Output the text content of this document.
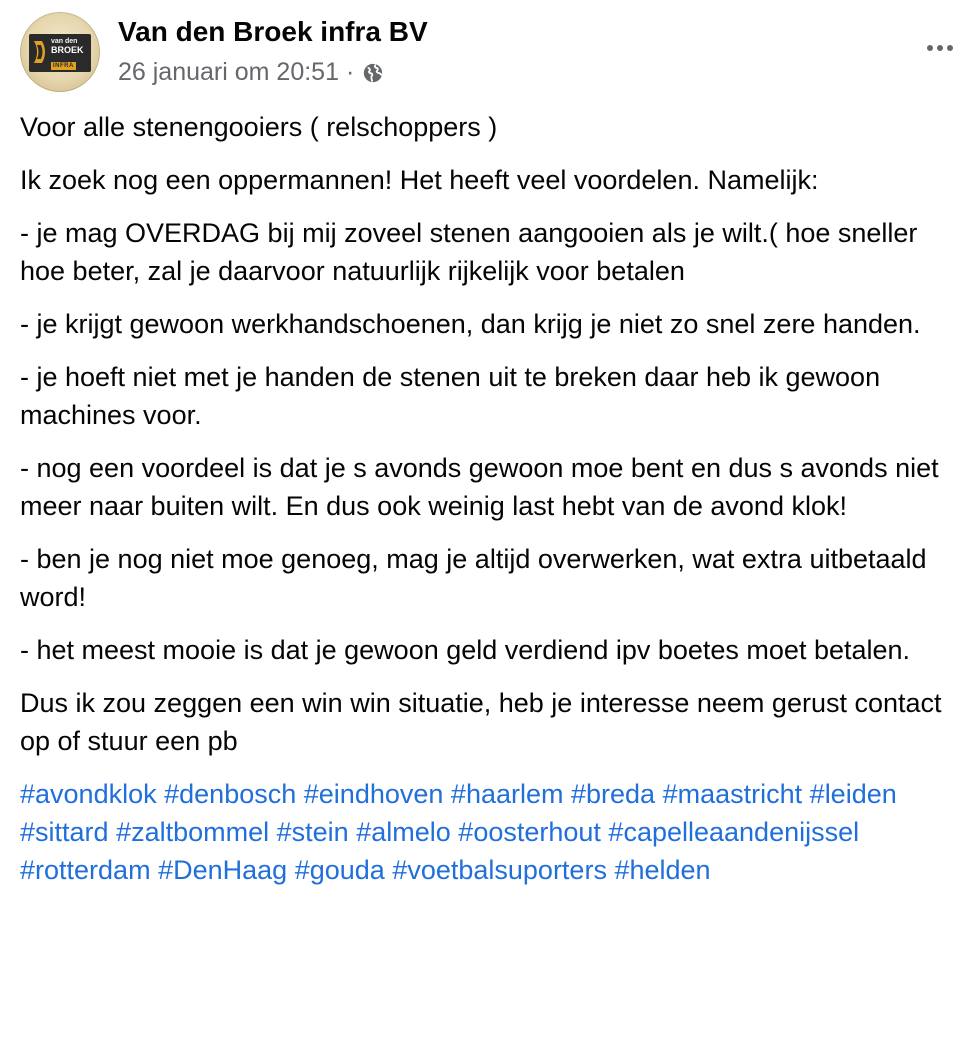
van den
BROEK
INFRA
Van den Broek infra BV
26 januari om 20:51 ·

Voor alle stenengooiers ( relschoppers )

Ik zoek nog een oppermannen! Het heeft veel voordelen. Namelijk:

- je mag OVERDAG bij mij zoveel stenen aangooien als je wilt.( hoe sneller hoe beter, zal je daarvoor natuurlijk rijkelijk voor betalen

- je krijgt gewoon werkhandschoenen, dan krijg je niet zo snel zere handen.

- je hoeft niet met je handen de stenen uit te breken daar heb ik gewoon machines voor.

- nog een voordeel is dat je s avonds gewoon moe bent en dus s avonds niet meer naar buiten wilt. En dus ook weinig last hebt van de avond klok!

- ben je nog niet moe genoeg, mag je altijd overwerken, wat extra uitbetaald word!

- het meest mooie is dat je gewoon geld verdiend ipv boetes moet betalen.

Dus ik zou zeggen een win win situatie, heb je interesse neem gerust contact op of stuur een pb

#avondklok #denbosch #eindhoven #haarlem #breda #maastricht #leiden #sittard #zaltbommel #stein #almelo #oosterhout #capelleaandenijssel #rotterdam #DenHaag #gouda #voetbalsuporters #helden
